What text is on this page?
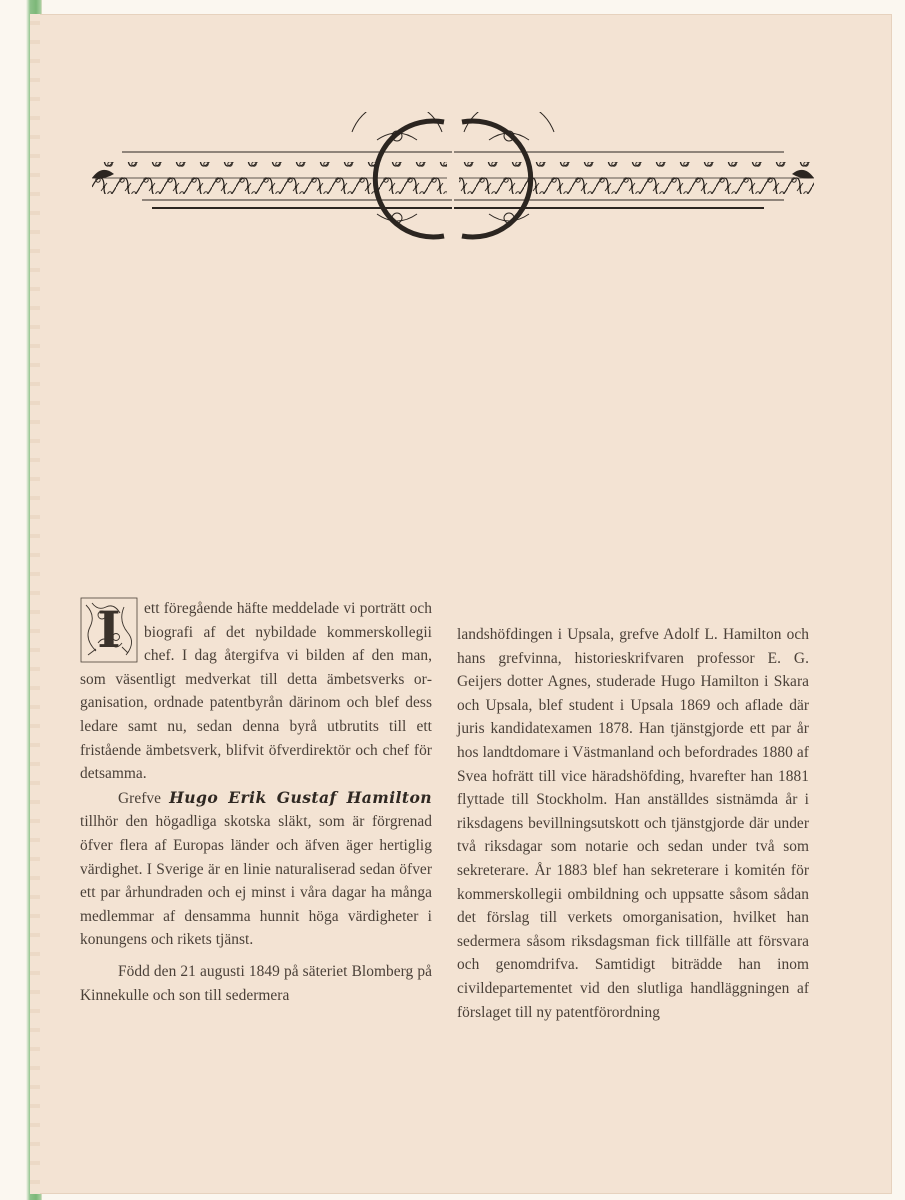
I ett föregående häfte meddelade vi porträtt och biografi af det nybildade kommerskollegii chef. I dag återgifva vi bilden af den man, som väsentligt medverkat till detta ämbetsverks organisation, ordnade patentbyrån därinom och blef dess ledare samt nu, sedan denna byrå utbrutits till ett fristående ämbetsverk, blifvit öfverdirektör och chef för detsamma.

Grefve Hugo Erik Gustaf Hamilton tillhör den högadliga skotska släkt, som är förgrenad öfver flera af Europas länder och äfven äger hertiglig värdighet. I Sverige är en linie naturaliserad sedan öfver ett par århundraden och ej minst i våra dagar ha många medlemmar af densamma hunnit höga värdigheter i konungens och rikets tjänst.

Född den 21 augusti 1849 på säteriet Blomberg på Kinnekulle och son till sedermera

landshöfdingen i Upsala, grefve Adolf L. Hamilton och hans grefvinna, historieskrifvaren professor E. G. Geijers dotter Agnes, studerade Hugo Hamilton i Skara och Upsala, blef student i Upsala 1869 och aflade där juris kandidatexamen 1878. Han tjänstgjorde ett par år hos landtdomare i Västmanland och befordrades 1880 af Svea hofrätt till vice häradshöfding, hvarefter han 1881 flyttade till Stockholm. Han anställdes sistnämda år i riksdagens bevillningsutskott och tjänstgjorde där under två riksdagar som notarie och sedan under två som sekreterare. År 1883 blef han sekreterare i komitén för kommerskollegii ombildning och uppsatte såsom sådan det förslag till verkets omorganisation, hvilket han sedermera såsom riksdagsman fick tillfälle att försvara och genomdrifva. Samtidigt biträdde han inom civildepartementet vid den slutliga handläggningen af förslaget till ny patentförordning
